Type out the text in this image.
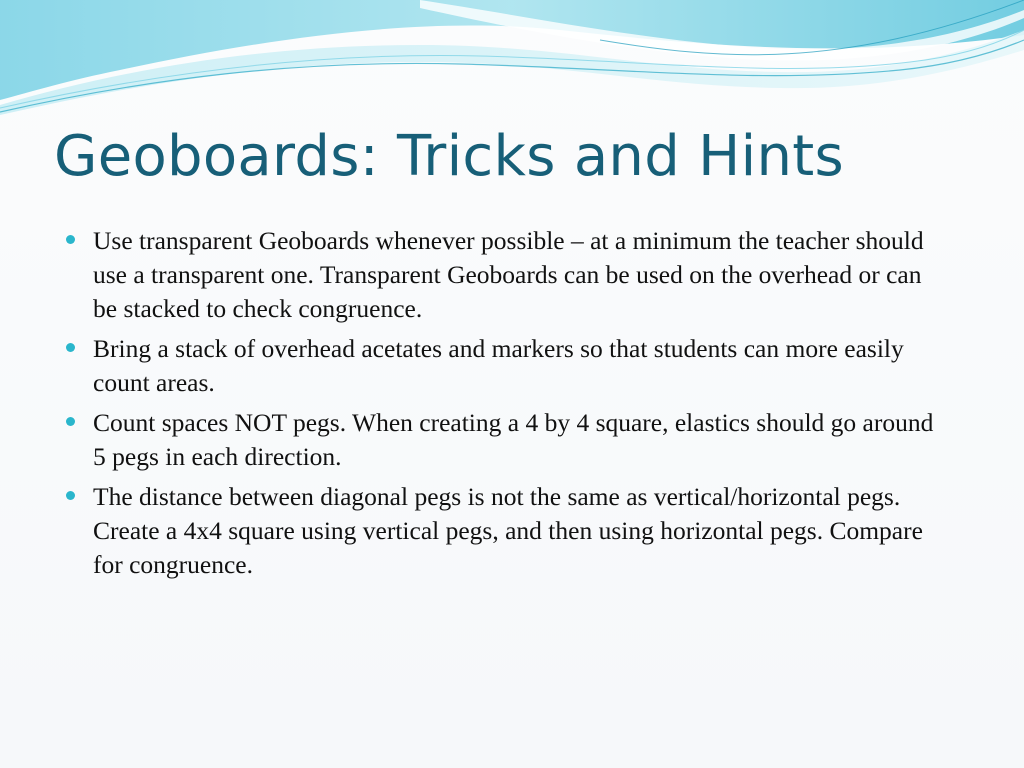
Geoboards: Tricks and Hints
Use transparent Geoboards whenever possible – at a minimum the teacher should use a transparent one. Transparent Geoboards can be used on the overhead or can be stacked to check congruence.
Bring a stack of overhead acetates and markers so that students can more easily count areas.
Count spaces NOT pegs. When creating a 4 by 4 square, elastics should go around 5 pegs in each direction.
The distance between diagonal pegs is not the same as vertical/horizontal pegs. Create a 4x4 square using vertical pegs, and then using horizontal pegs. Compare for congruence.
